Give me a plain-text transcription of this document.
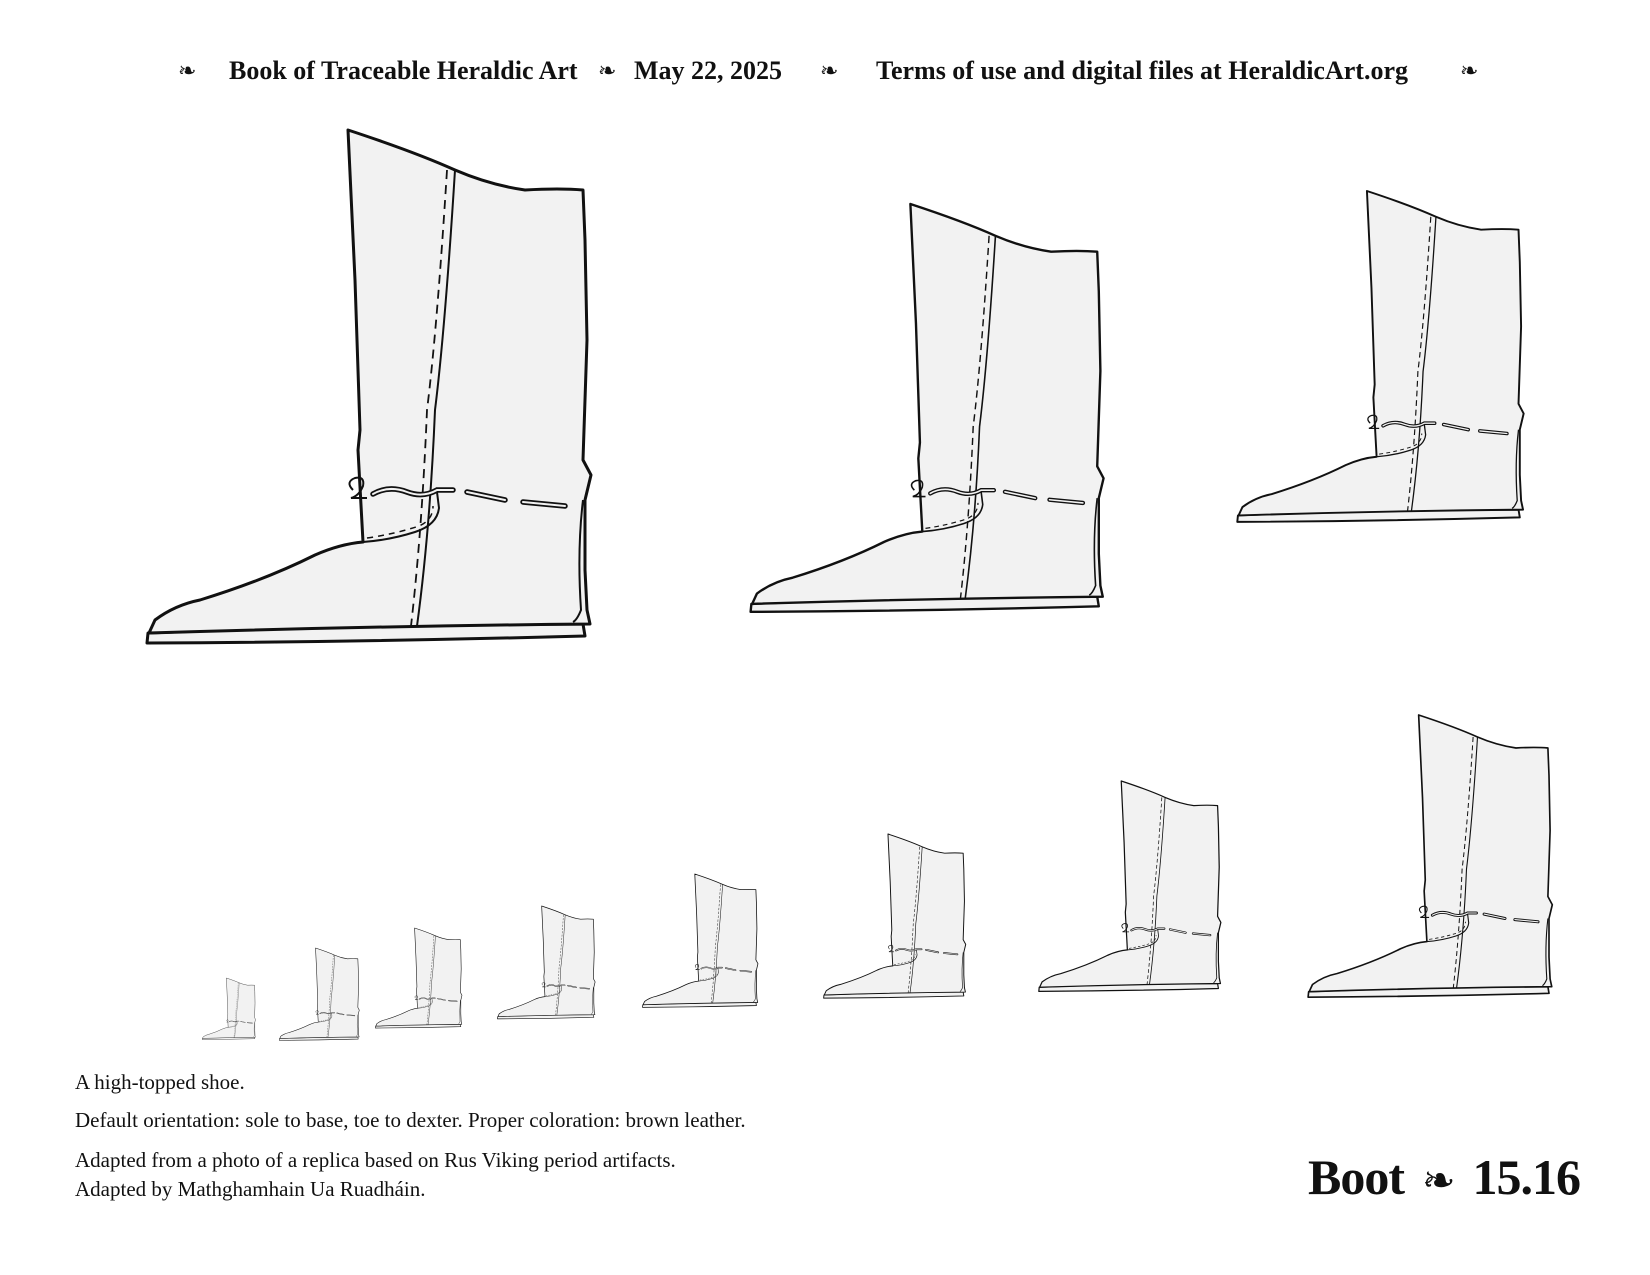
❧ Book of Traceable Heraldic Art ❧ May 22, 2025 ❧ Terms of use and digital files at HeraldicArt.org ❧
A high-topped shoe.
Default orientation: sole to base, toe to dexter. Proper coloration: brown leather.
Adapted from a photo of a replica based on Rus Viking period artifacts.
Adapted by Mathghamhain Ua Ruadháin.	Boot ❧ 15.16
